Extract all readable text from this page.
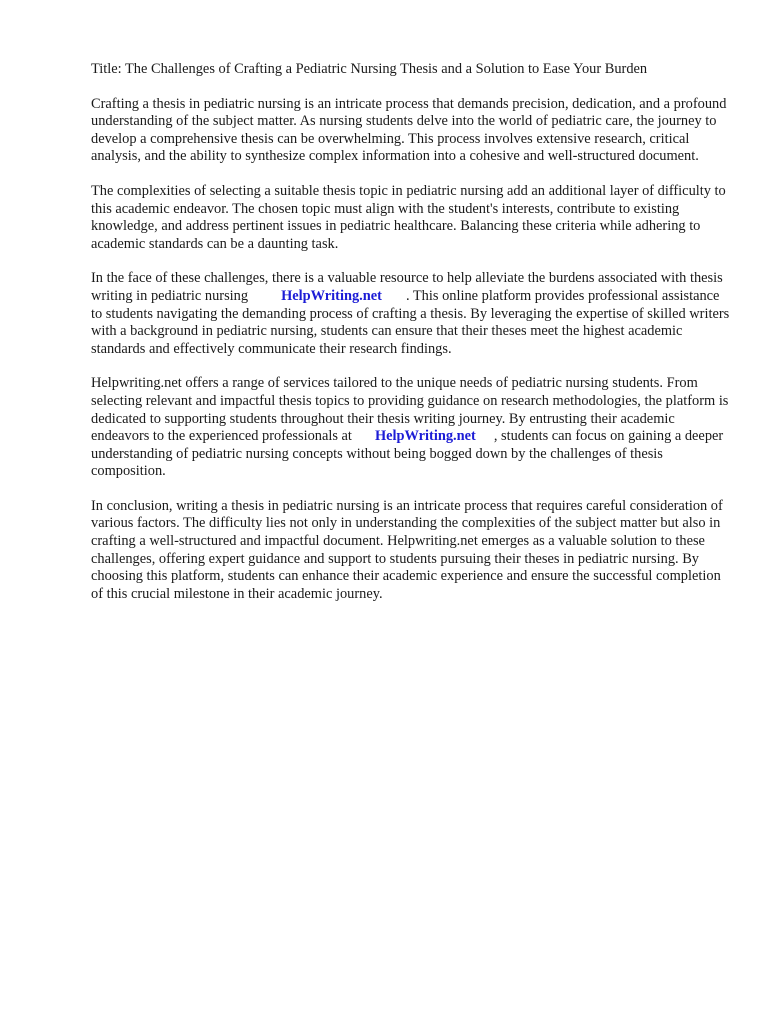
Title: The Challenges of Crafting a Pediatric Nursing Thesis and a Solution to Ease Your Burden

Crafting a thesis in pediatric nursing is an intricate process that demands precision, dedication, and a profound understanding of the subject matter. As nursing students delve into the world of pediatric care, the journey to develop a comprehensive thesis can be overwhelming. This process involves extensive research, critical analysis, and the ability to synthesize complex information into a cohesive and well-structured document.

The complexities of selecting a suitable thesis topic in pediatric nursing add an additional layer of difficulty to this academic endeavor. The chosen topic must align with the student's interests, contribute to existing knowledge, and address pertinent issues in pediatric healthcare. Balancing these criteria while adhering to academic standards can be a daunting task.

In the face of these challenges, there is a valuable resource to help alleviate the burdens associated with thesis writing in pediatric nursing HelpWriting.net . This online platform provides professional assistance to students navigating the demanding process of crafting a thesis. By leveraging the expertise of skilled writers with a background in pediatric nursing, students can ensure that their theses meet the highest academic standards and effectively communicate their research findings.

Helpwriting.net offers a range of services tailored to the unique needs of pediatric nursing students. From selecting relevant and impactful thesis topics to providing guidance on research methodologies, the platform is dedicated to supporting students throughout their thesis writing journey. By entrusting their academic endeavors to the experienced professionals at HelpWriting.net , students can focus on gaining a deeper understanding of pediatric nursing concepts without being bogged down by the challenges of thesis composition.

In conclusion, writing a thesis in pediatric nursing is an intricate process that requires careful consideration of various factors. The difficulty lies not only in understanding the complexities of the subject matter but also in crafting a well-structured and impactful document. Helpwriting.net emerges as a valuable solution to these challenges, offering expert guidance and support to students pursuing their theses in pediatric nursing. By choosing this platform, students can enhance their academic experience and ensure the successful completion of this crucial milestone in their academic journey.
